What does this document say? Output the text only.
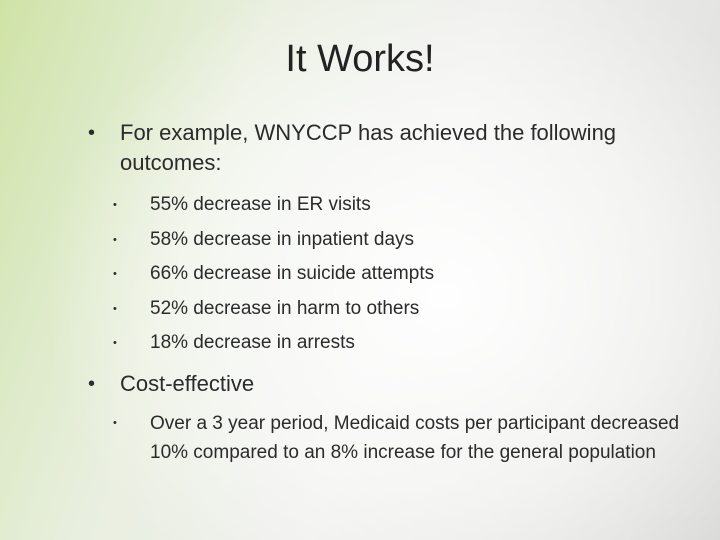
It Works!
• For example, WNYCCP has achieved the following outcomes:
• 55% decrease in ER visits
• 58% decrease in inpatient days
• 66% decrease in suicide attempts
• 52% decrease in harm to others
• 18% decrease in arrests
• Cost-effective
• Over a 3 year period, Medicaid costs per participant decreased 10% compared to an 8% increase for the general population
